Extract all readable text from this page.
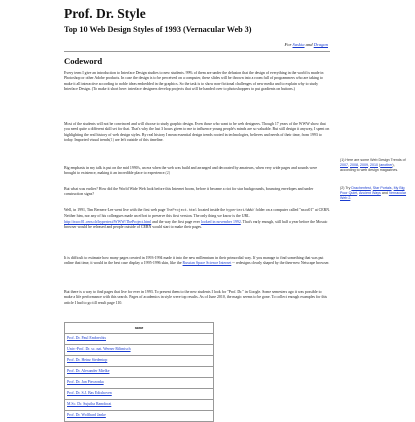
Prof. Dr. Style
Top 10 Web Design Styles of 1993 (Vernacular Web 3)
For Saskia and Dragan
Codeword

Every term I give an introduction to Interface Design studies to new students. 99% of them are under the delusion that the design of everything in the world is made in Photoshop or other Adobe products. In case the design is to be perceived on a computer, these slides will be thrown into a room full of programmers who are taking to make it all interactive according to noble ideas embedded in the graphics. So the task is to show non-fictional challenges of new media and to explain why to study Interface Design. (To make it short here: interface designers develop projects that will be handed over to photoshoppers to put gradients on buttons.)

Most of the students will not be convinced and will choose to study graphic design. Even those who want to be web designers. Though 17 years of the WWW show that you need quite a different skill set for that. That's why the last 3 hours given to me to influence young people's minds are so valuable. But still design it anyway, I spent on highlighting the real history of web design styles. By real history I mean essential design trends rooted in technologies, believes and needs of their time, from 1993 to today. Imported visual trends(1) are left outside of this timeline.

Big emphasis in my talk is put on the mid 1990's, an era when the web was build and arranged and decorated by amateurs, when very wide pages and sounds were brought to existence, making it an incredible place to experience.(2)

But what was earlier? How did the World Wide Web look before this Internet boom, before it became a riot for star backgrounds, bouncing envelopes and under construction signs?

Well, in 1991, Tim Berners-Lee went live with the first web page TheProject.html located inside the hypertext/WWW/ folder on a computer called "nxoc01" at CERN. Neither him, nor any of his colleagues made an effort to preserve this first version. The only thing we know is the URL http://nxoc01.cern.ch/hypertext/WWW/TheProject.html and the way the first page ever looked in november 1992. That's early enough, still half a year before the Mosaic browser would be released and people outside of CERN would start to make their pages.

It is difficult to estimate how many pages created in 1993-1994 made it into the new millennium in their primordial way. If you manage to find something that was put online that time, it would in the best case display a 1995-1996 skin, like the Russian Space Science Internet -- redesigns clearly shaped by the then-new Netscape browser.

But there is a way to find pages that live for ever in 1993. To present them to the new students I look for "Prof. Dr." in Google. Some semesters ago it was possible to make a life performance with this search. Pages of academics in style were top results. As of June 2010, the magic seems to be gone. To collect enough examples for this article I had to go till result page 110.

(1) Here are some Web Design Trends of 2007, 2008, 2009, 2010 (another), according to web design magazines.
(2) Try Drachenfest, Star Portals, My Big Poor Quiet, Ancient Ways and Vernacular Web 2.
name
Prof. Dr. Paul Embrechts
Univ.-Prof. Dr. sc. nat. Werner Rilimisch
Prof. Dr. Heinz Siedentop
Prof. Dr. Alexander Mielke
Prof. Dr. Jan Pieczonka
Prof. Dr. S.J. Bas Edixhoven
M.Sc. Dr. Sujutha Ramdorai
Prof. Dr. Wolfhard Janke
